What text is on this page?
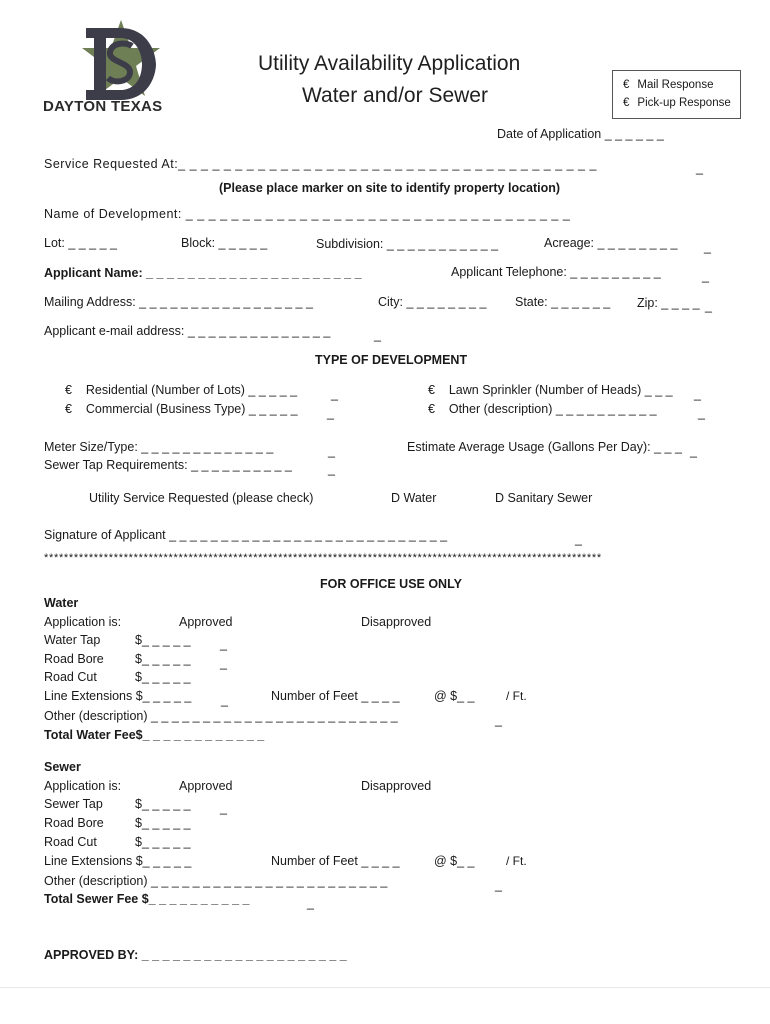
DAYTON TEXAS
Utility Availability Application
Water and/or Sewer	€ Mail Response
€ Pick-up Response
Date of Application _ _ _ _ _ _
Service Requested At:_ _ _ _ _ _ _ _ _ _ _ _ _ _ _ _ _ _ _ _ _ _ _ _ _ _ _ _ _ _ _ _ _ _ _ _ _	_
(Please place marker on site to identify property location)
Name of Development: _ _ _ _ _ _ _ _ _ _ _ _ _ _ _ _ _ _ _ _ _ _ _ _ _ _ _ _ _ _ _ _ _ _
Lot: _ _ _ _ _	Block: _ _ _ _ _	Subdivision: _ _ _ _ _ _ _ _ _ _ _	Acreage: _ _ _ _ _ _ _ _ _
Applicant Name: _ _ _ _ _ _ _ _ _ _ _ _ _ _ _ _ _ _ _ _ _	Applicant Telephone: _ _ _ _ _ _ _ _ _	_
Mailing Address: _ _ _ _ _ _ _ _ _ _ _ _ _ _ _ _ _	City: _ _ _ _ _ _ _ _ State: _ _ _ _ _ _ Zip: _ _ _ _ _
Applicant e-mail address: _ _ _ _ _ _ _ _ _ _ _ _ _ _	_
TYPE OF DEVELOPMENT
€ Residential (Number of Lots) _ _ _ _ _	_
€ Commercial (Business Type) _ _ _ _ _ _
€ Lawn Sprinkler (Number of Heads) _ _ _ _
€ Other (description) _ _ _ _ _ _ _ _ _ _	_
Meter Size/Type: _ _ _ _ _ _ _ _ _ _ _ _ _	_
Sewer Tap Requirements: _ _ _ _ _ _ _ _ _ _	_
Estimate Average Usage (Gallons Per Day): _ _ _ _
Utility Service Requested (please check)	D Water	D Sanitary Sewer
Signature of Applicant _ _ _ _ _ _ _ _ _ _ _ _ _ _ _ _ _ _ _ _ _ _ _ _ _ _ _	_
****************************************************************************************************************
FOR OFFICE USE ONLY
Water
Application is:	Approved	Disapproved
Water Tap	$_ _ _ _ _ _
Road Bore $_ _ _ _ _ _
Road Cut	$_ _ _ _ _
Line Extensions $_ _ _ _ _ _	Number of Feet _ _ _ _	@ $_ _	/ Ft.
Other (description) _ _ _ _ _ _ _ _ _ _ _ _ _ _ _ _ _ _ _ _ _ _ _ _	_
Total Water Fee$_ _ _ _ _ _ _ _ _ _ _ _
Sewer
Application is:	Approved	Disapproved
Sewer Tap	$_ _ _ _ _ _
Road Bore $_ _ _ _ _
Road Cut	$_ _ _ _ _
Line Extensions $_ _ _ _ _	Number of Feet _ _ _ _	@ $_ _	/ Ft.
Other (description) _ _ _ _ _ _ _ _ _ _ _ _ _ _ _ _ _ _ _ _ _ _ _	_
Total Sewer Fee $_ _ _ _ _ _ _ _ _ _	_
APPROVED BY: _ _ _ _ _ _ _ _ _ _ _ _ _ _ _ _ _ _ _ _
